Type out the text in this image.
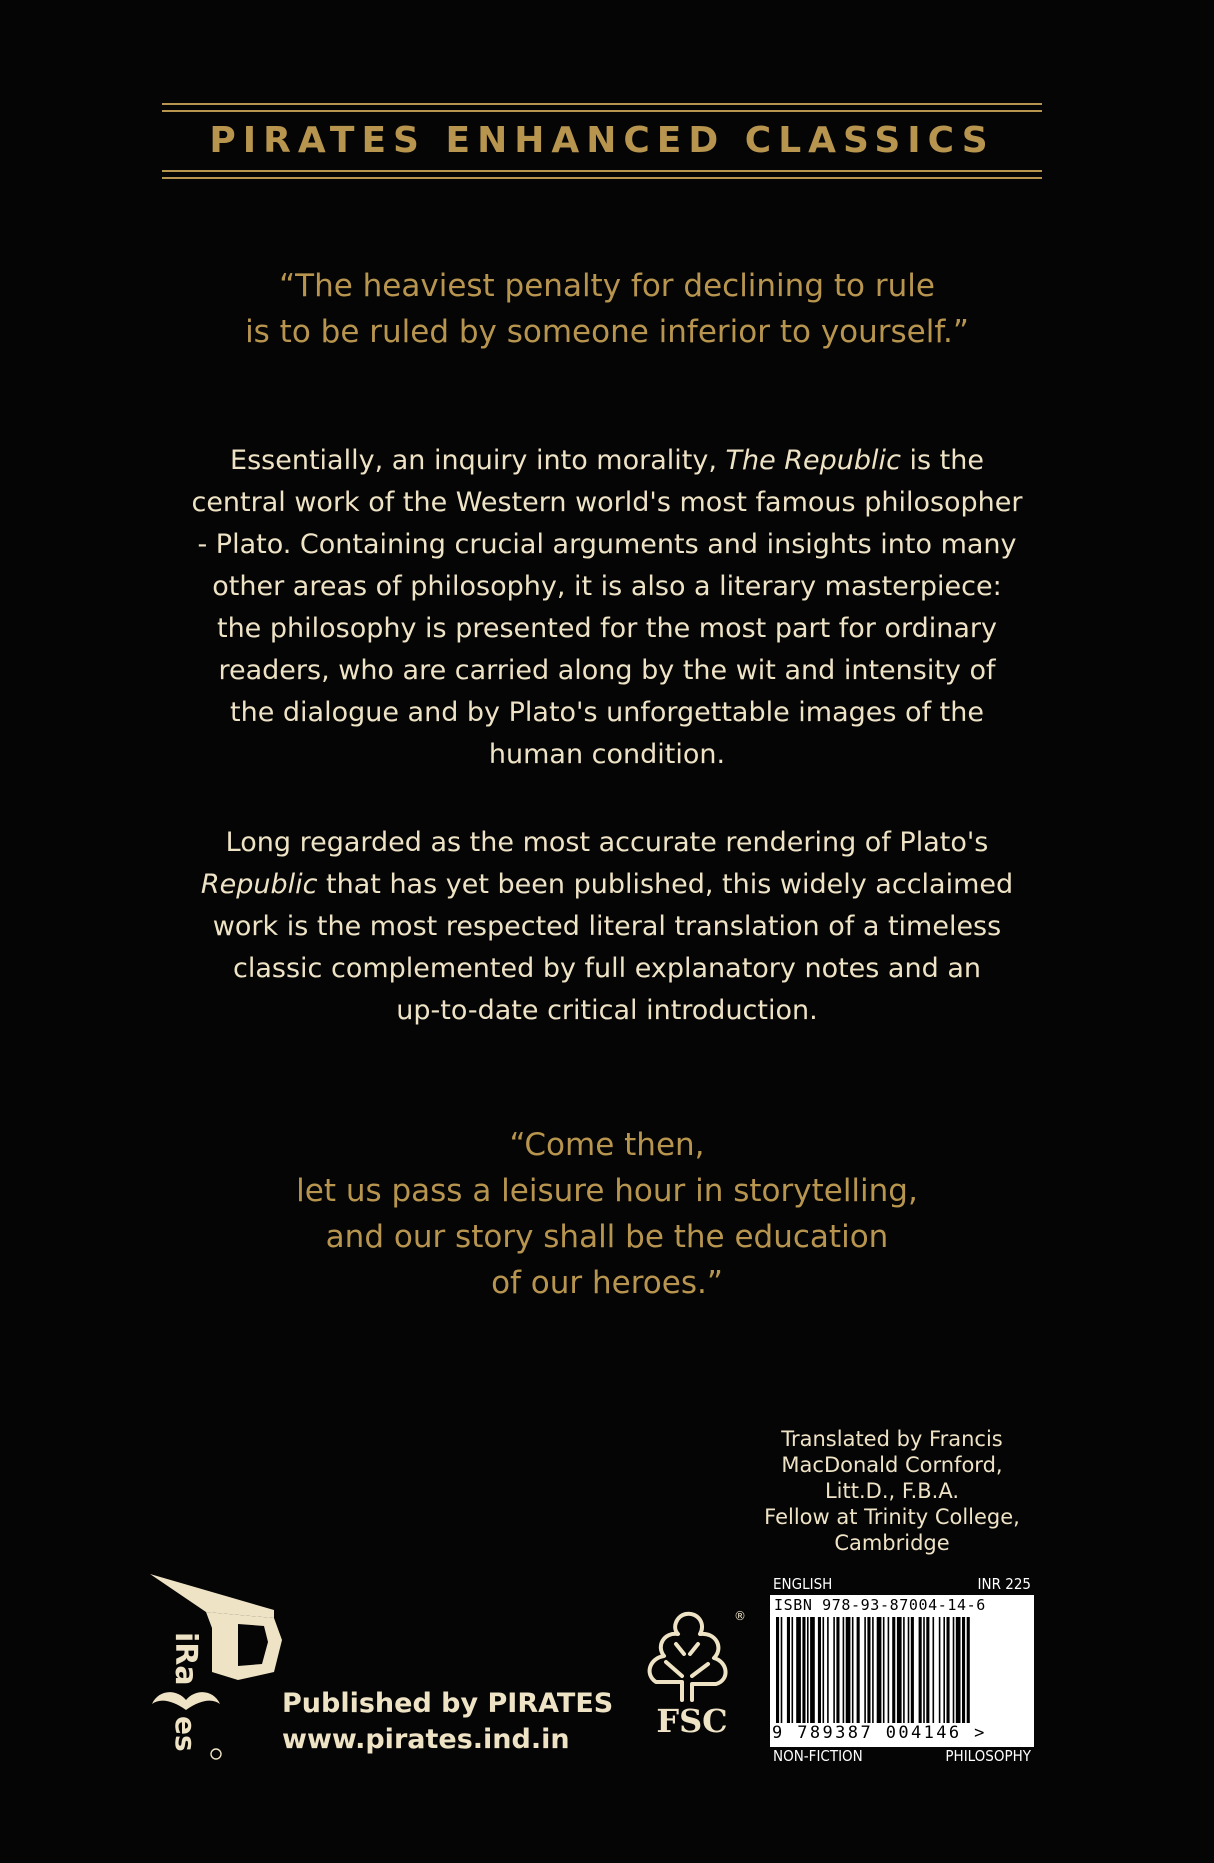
PIRATES ENHANCED CLASSICS
“The heaviest penalty for declining to rule
is to be ruled by someone inferior to yourself.”
Essentially, an inquiry into morality, The Republic is the
central work of the Western world's most famous philosopher
- Plato. Containing crucial arguments and insights into many
other areas of philosophy, it is also a literary masterpiece:
the philosophy is presented for the most part for ordinary
readers, who are carried along by the wit and intensity of
the dialogue and by Plato's unforgettable images of the
human condition.
Long regarded as the most accurate rendering of Plato's
Republic that has yet been published, this widely acclaimed
work is the most respected literal translation of a timeless
classic complemented by full explanatory notes and an
up-to-date critical introduction.
“Come then,
let us pass a leisure hour in storytelling,
and our story shall be the education
of our heroes.”
Translated by Francis
MacDonald Cornford,
Litt.D., F.B.A.
Fellow at Trinity College,
Cambridge
ENGLISH	INR 225
ISBN 978-93-87004-14-6
9 789387 004146 >
NON-FICTION	PHILOSOPHY
®
FSC
iRa
es
Published by PIRATES
www.pirates.ind.in
